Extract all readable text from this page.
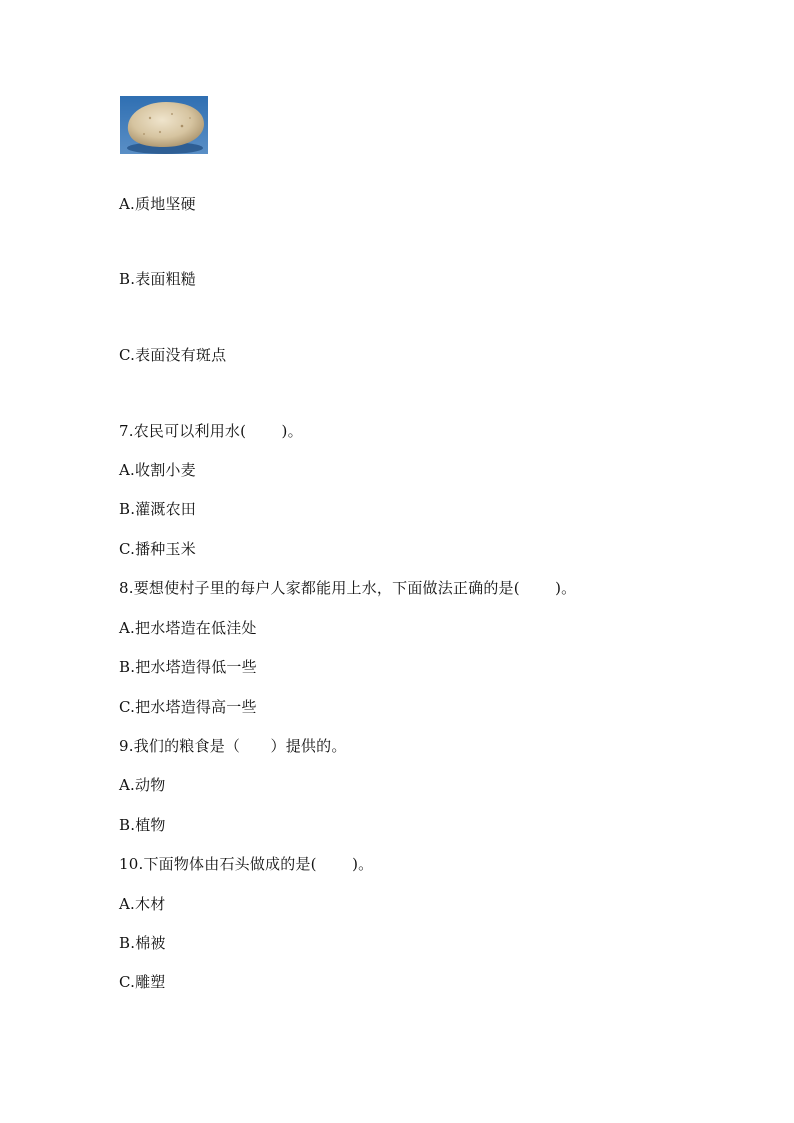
A.质地坚硬
B.表面粗糙
C.表面没有斑点
7.农民可以利用水(　　 )。
A.收割小麦
B.灌溉农田
C.播种玉米
8.要想使村子里的每户人家都能用上水，下面做法正确的是(　　 )。
A.把水塔造在低洼处
B.把水塔造得低一些
C.把水塔造得高一些
9.我们的粮食是（　　）提供的。
A.动物
B.植物
10.下面物体由石头做成的是(　　 )。
A.木材
B.棉被
C.雕塑
